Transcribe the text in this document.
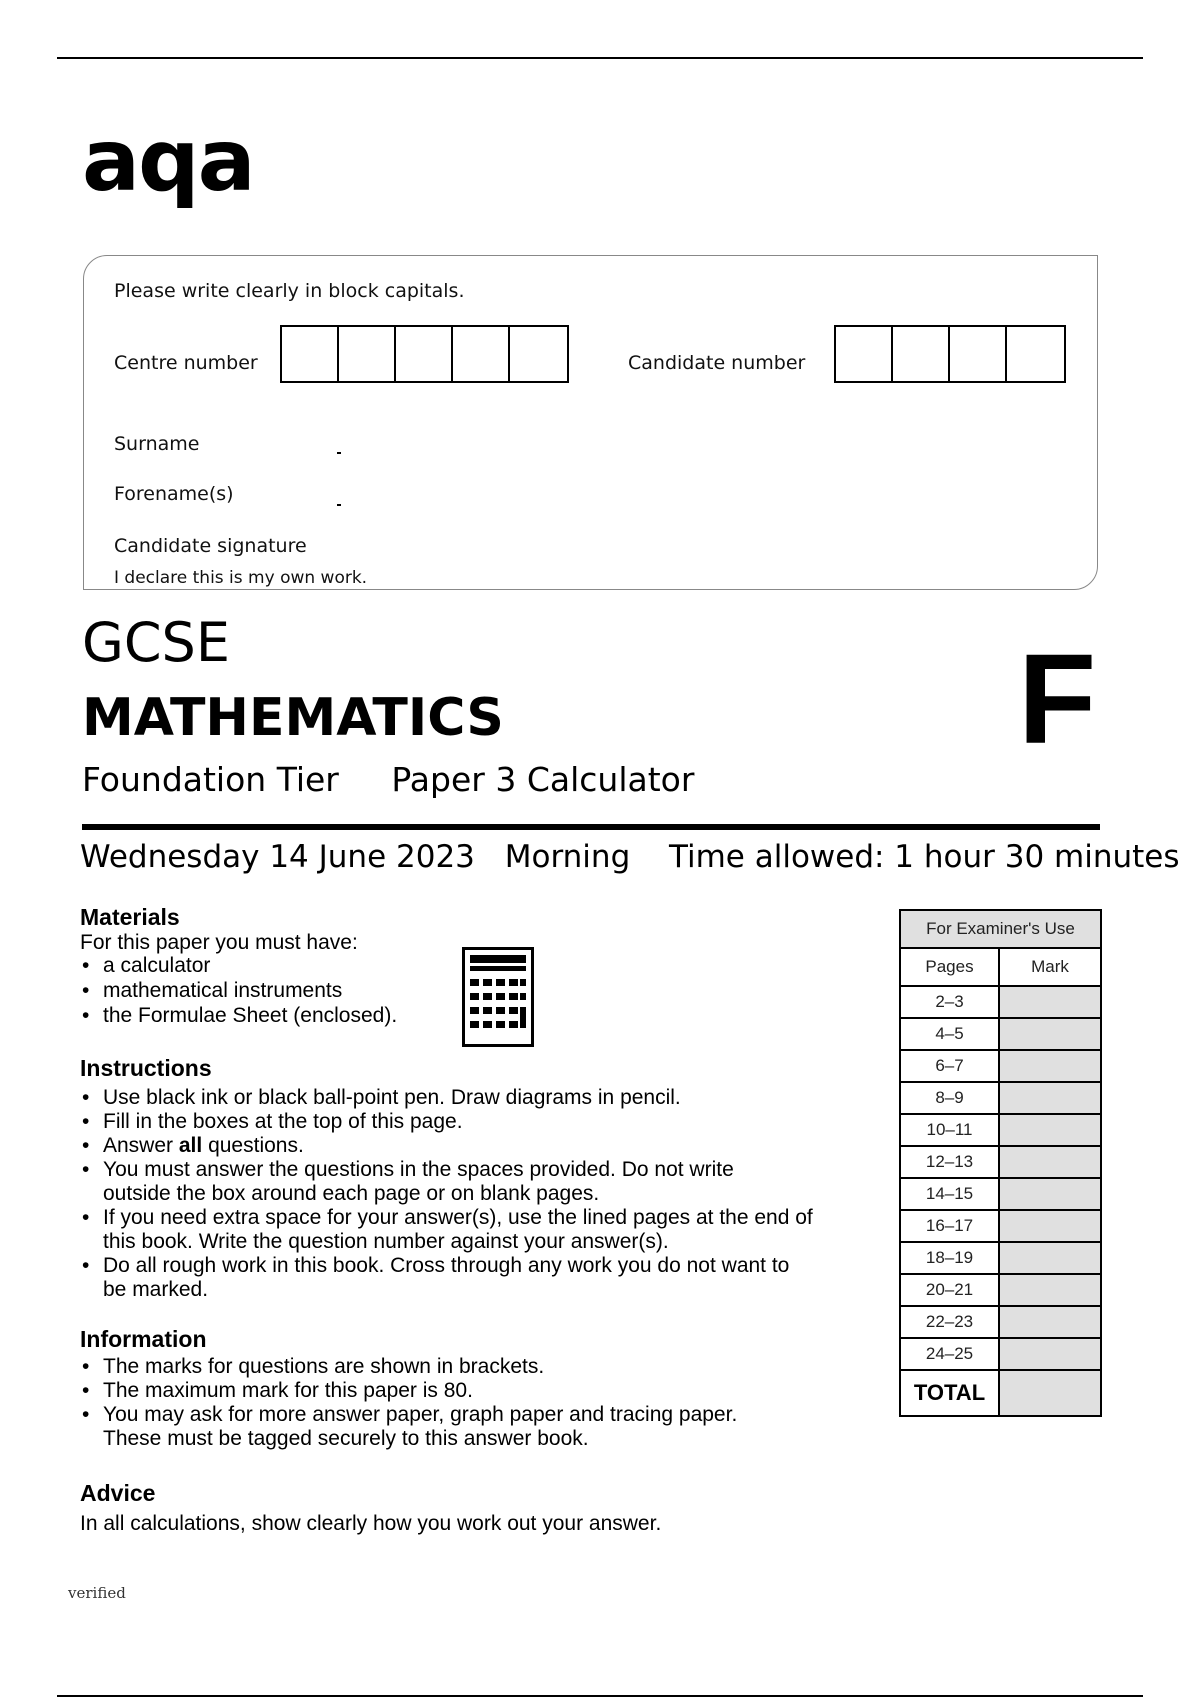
aqa
Please write clearly in block capitals.
Centre number	Candidate number
Surname
Forename(s)
Candidate signature
I declare this is my own work.
GCSE
MATHEMATICS
Foundation Tier Paper 3 Calculator
F
Wednesday 14 June 2023 Morning Time allowed: 1 hour 30 minutes
Materials
For this paper you must have:
• a calculator
• mathematical instruments
• the Formulae Sheet (enclosed).
Instructions
• Use black ink or black ball-point pen. Draw diagrams in pencil.
• Fill in the boxes at the top of this page.
• Answer all questions.
• You must answer the questions in the spaces provided. Do not write
outside the box around each page or on blank pages.
• If you need extra space for your answer(s), use the lined pages at the end of
this book. Write the question number against your answer(s).
• Do all rough work in this book. Cross through any work you do not want to
be marked.
Information
• The marks for questions are shown in brackets.
• The maximum mark for this paper is 80.
• You may ask for more answer paper, graph paper and tracing paper.
These must be tagged securely to this answer book.
Advice
In all calculations, show clearly how you work out your answer.
For Examiner's Use	
Pages	Mark
2–3	
4–5	
6–7	
8–9	
10–11	
12–13	
14–15	
16–17	
18–19	
20–21	
22–23	
24–25	
TOTAL	
verified
